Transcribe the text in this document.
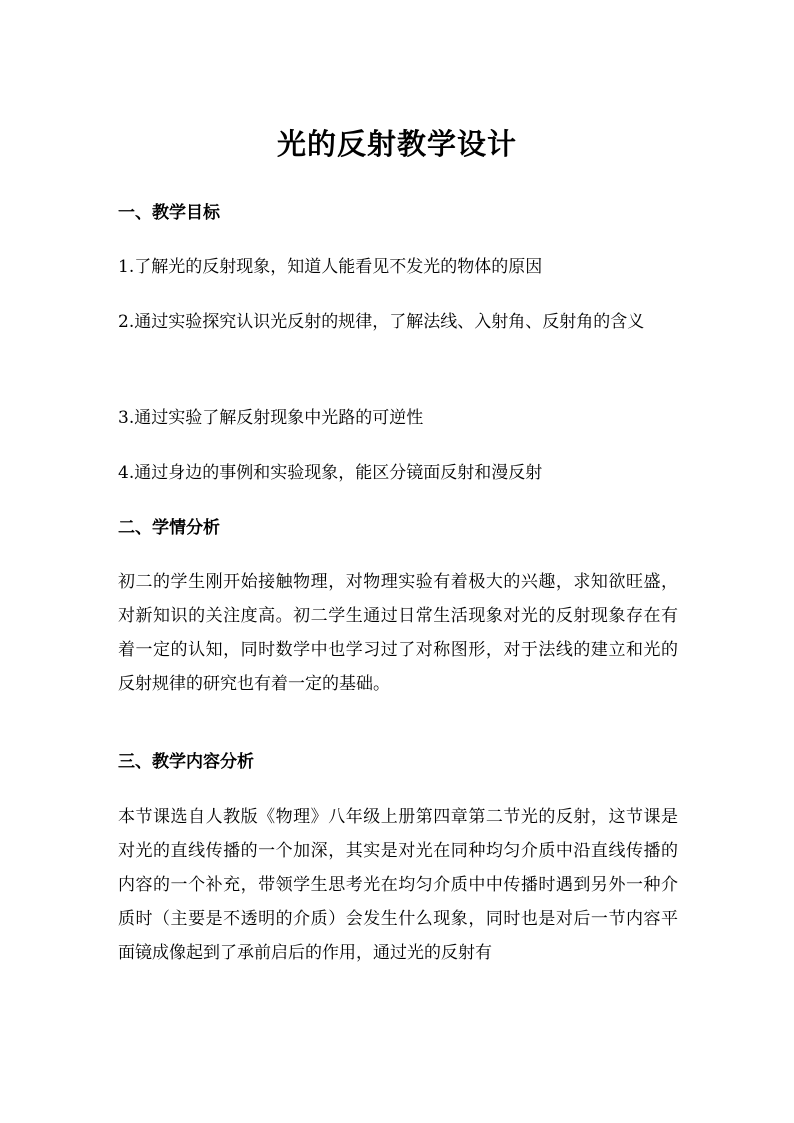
光的反射教学设计
一、教学目标
1.了解光的反射现象，知道人能看见不发光的物体的原因
2.通过实验探究认识光反射的规律，了解法线、入射角、反射角的含义
3.通过实验了解反射现象中光路的可逆性
4.通过身边的事例和实验现象，能区分镜面反射和漫反射
二、学情分析
初二的学生刚开始接触物理，对物理实验有着极大的兴趣，求知欲旺盛，对新知识的关注度高。初二学生通过日常生活现象对光的反射现象存在有着一定的认知，同时数学中也学习过了对称图形，对于法线的建立和光的反射规律的研究也有着一定的基础。
三、教学内容分析
本节课选自人教版《物理》八年级上册第四章第二节光的反射，这节课是对光的直线传播的一个加深，其实是对光在同种均匀介质中沿直线传播的内容的一个补充，带领学生思考光在均匀介质中中传播时遇到另外一种介质时（主要是不透明的介质）会发生什么现象，同时也是对后一节内容平面镜成像起到了承前启后的作用，通过光的反射有
